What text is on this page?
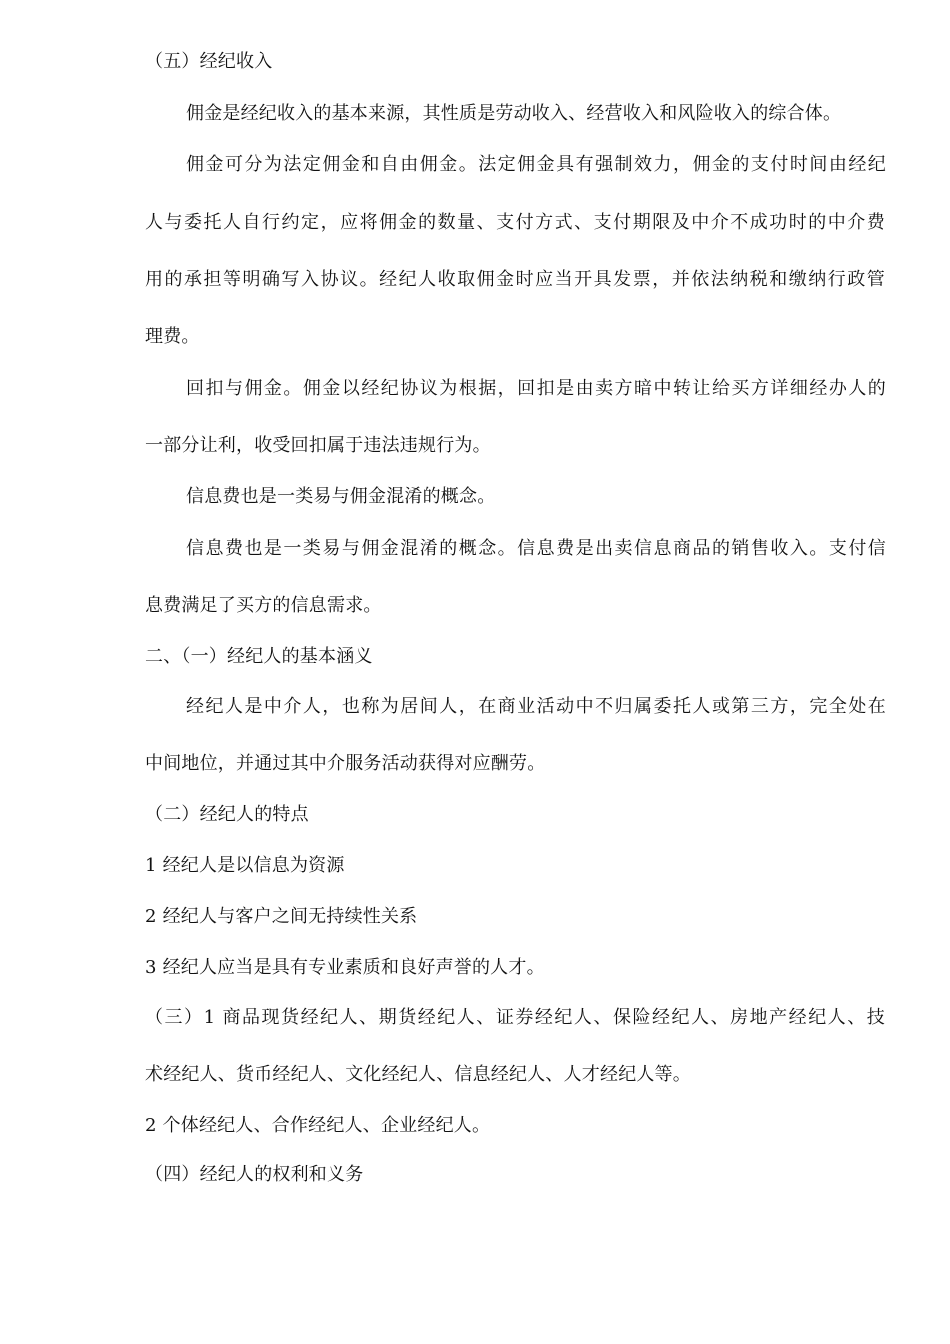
（五）经纪收入
佣金是经纪收入的基本来源，其性质是劳动收入、经营收入和风险收入的综合体。
佣金可分为法定佣金和自由佣金。法定佣金具有强制效力，佣金的支付时间由经纪
人与委托人自行约定，应将佣金的数量、支付方式、支付期限及中介不成功时的中介费
用的承担等明确写入协议。经纪人收取佣金时应当开具发票，并依法纳税和缴纳行政管
理费。
回扣与佣金。佣金以经纪协议为根据，回扣是由卖方暗中转让给买方详细经办人的
一部分让利，收受回扣属于违法违规行为。
信息费也是一类易与佣金混淆的概念。
信息费也是一类易与佣金混淆的概念。信息费是出卖信息商品的销售收入。支付信
息费满足了买方的信息需求。
二、（一）经纪人的基本涵义
经纪人是中介人，也称为居间人，在商业活动中不归属委托人或第三方，完全处在
中间地位，并通过其中介服务活动获得对应酬劳。
（二）经纪人的特点
1 经纪人是以信息为资源
2 经纪人与客户之间无持续性关系
3 经纪人应当是具有专业素质和良好声誉的人才。
（三）1 商品现货经纪人、期货经纪人、证券经纪人、保险经纪人、房地产经纪人、技
术经纪人、货币经纪人、文化经纪人、信息经纪人、人才经纪人等。
2 个体经纪人、合作经纪人、企业经纪人。
（四）经纪人的权利和义务
